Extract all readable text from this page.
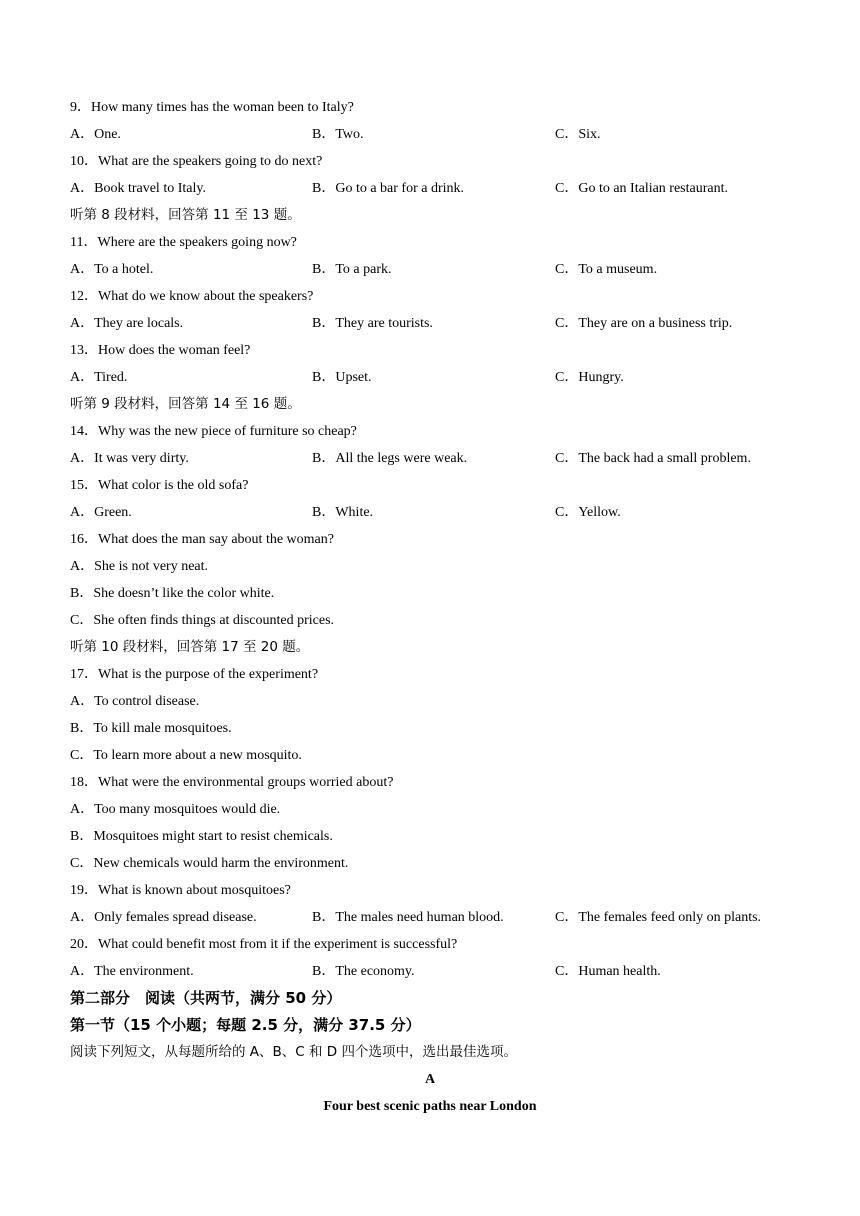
9．How many times has the woman been to Italy?
A．One.	B．Two.	C．Six.
10．What are the speakers going to do next?
A．Book travel to Italy.	B．Go to a bar for a drink.	C．Go to an Italian restaurant.
听第 8 段材料，回答第 11 至 13 题。
11．Where are the speakers going now?
A．To a hotel.	B．To a park.	C．To a museum.
12．What do we know about the speakers?
A．They are locals.	B．They are tourists.	C．They are on a business trip.
13．How does the woman feel?
A．Tired.	B．Upset.	C．Hungry.
听第 9 段材料，回答第 14 至 16 题。
14．Why was the new piece of furniture so cheap?
A．It was very dirty.	B．All the legs were weak.	C．The back had a small problem.
15．What color is the old sofa?
A．Green.	B．White.	C．Yellow.
16．What does the man say about the woman?
A．She is not very neat.
B．She doesn’t like the color white.
C．She often finds things at discounted prices.
听第 10 段材料，回答第 17 至 20 题。
17．What is the purpose of the experiment?
A．To control disease.
B．To kill male mosquitoes.
C．To learn more about a new mosquito.
18．What were the environmental groups worried about?
A．Too many mosquitoes would die.
B．Mosquitoes might start to resist chemicals.
C．New chemicals would harm the environment.
19．What is known about mosquitoes?
A．Only females spread disease.	B．The males need human blood.	C．The females feed only on plants.
20．What could benefit most from it if the experiment is successful?
A．The environment.	B．The economy.	C．Human health.
第二部分　阅读（共两节，满分 50 分）
第一节（15 个小题；每题 2.5 分，满分 37.5 分）
阅读下列短文，从每题所给的 A、B、C 和 D 四个选项中，选出最佳选项。
A
Four best scenic paths near London
